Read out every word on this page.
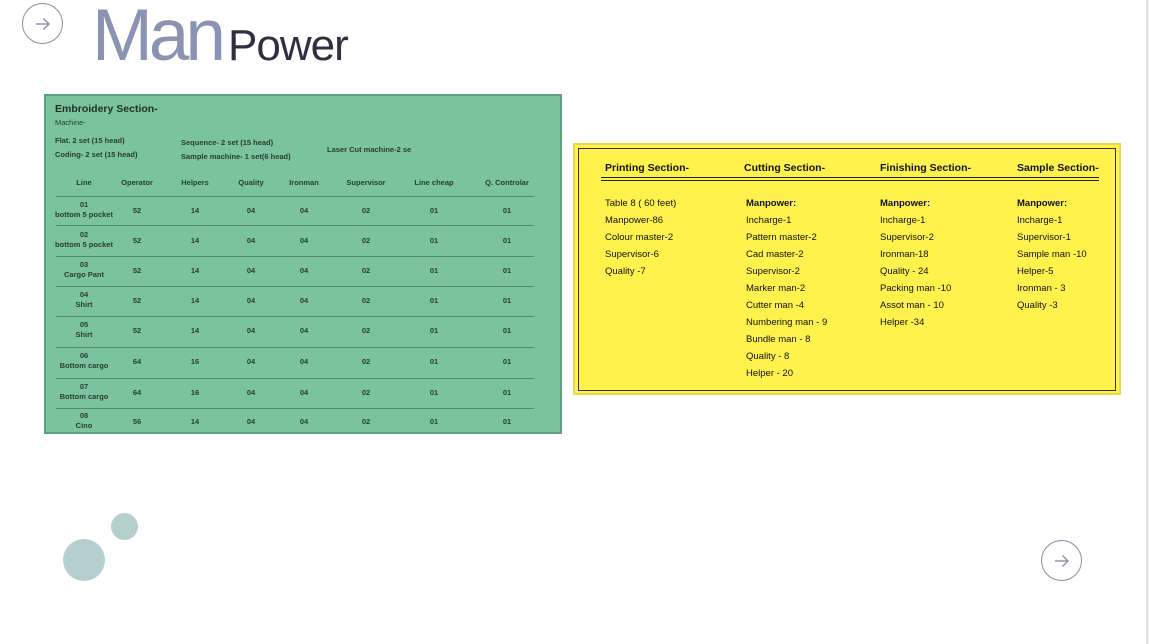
Man Power
Embroidery Section-
Machine-
Flat. 2 set (15 head)
Coding- 2 set (15 head)
Sequence- 2 set (15 head)
Sample machine- 1 set(6 head)
Laser Cut machine-2 se
Line	Operator	Helpers	Quality	Ironman	Supervisor	Line cheap	Q. Controlar
01
bottom 5 pocket	52	14	04	04	02	01	01
02
bottom 5 pocket	52	14	04	04	02	01	01
03
Cargo Pant	52	14	04	04	02	01	01
04
Shirt	52	14	04	04	02	01	01
05
Shirt	52	14	04	04	02	01	01
06
Bottom cargo	64	16	04	04	02	01	01
07
Bottom cargo	64	16	04	04	02	01	01
08
Cino	56	14	04	04	02	01	01
Printing Section-
Table 8 ( 60 feet)
Manpower-86
Colour master-2
Supervisor-6
Quality -7
Cutting Section-
Manpower:
Incharge-1
Pattern master-2
Cad master-2
Supervisor-2
Marker man-2
Cutter man -4
Numbering man - 9
Bundle man - 8
Quality - 8
Helper - 20
Finishing Section-
Manpower:
Incharge-1
Supervisor-2
Ironman-18
Quality - 24
Packing man -10
Assot man - 10
Helper -34
Sample Section-
Manpower:
Incharge-1
Supervisor-1
Sample man -10
Helper-5
Ironman - 3
Quality -3
